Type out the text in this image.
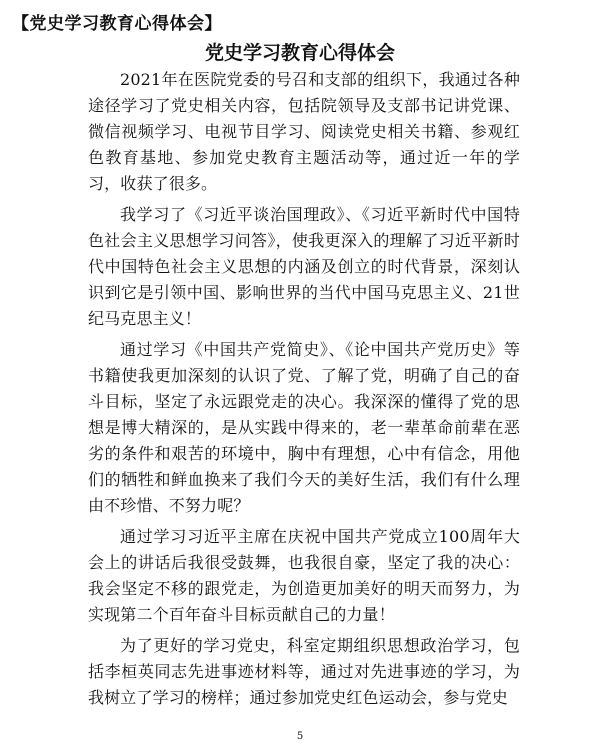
【党史学习教育心得体会】
党史学习教育心得体会

2021年在医院党委的号召和支部的组织下，我通过各种途径学习了党史相关内容，包括院领导及支部书记讲党课、微信视频学习、电视节目学习、阅读党史相关书籍、参观红色教育基地、参加党史教育主题活动等，通过近一年的学习，收获了很多。

我学习了《习近平谈治国理政》、《习近平新时代中国特色社会主义思想学习问答》，使我更深入的理解了习近平新时代中国特色社会主义思想的内涵及创立的时代背景，深刻认识到它是引领中国、影响世界的当代中国马克思主义、21世纪马克思主义！

通过学习《中国共产党简史》、《论中国共产党历史》等书籍使我更加深刻的认识了党、了解了党，明确了自己的奋斗目标，坚定了永远跟党走的决心。我深深的懂得了党的思想是博大精深的，是从实践中得来的，老一辈革命前辈在恶劣的条件和艰苦的环境中，胸中有理想，心中有信念，用他们的牺牲和鲜血换来了我们今天的美好生活，我们有什么理由不珍惜、不努力呢？

通过学习习近平主席在庆祝中国共产党成立100周年大会上的讲话后我很受鼓舞，也我很自豪，坚定了我的决心：我会坚定不移的跟党走，为创造更加美好的明天而努力，为实现第二个百年奋斗目标贡献自己的力量！

为了更好的学习党史，科室定期组织思想政治学习，包括李桓英同志先进事迹材料等，通过对先进事迹的学习，为我树立了学习的榜样；通过参加党史红色运动会，参与党史

5
